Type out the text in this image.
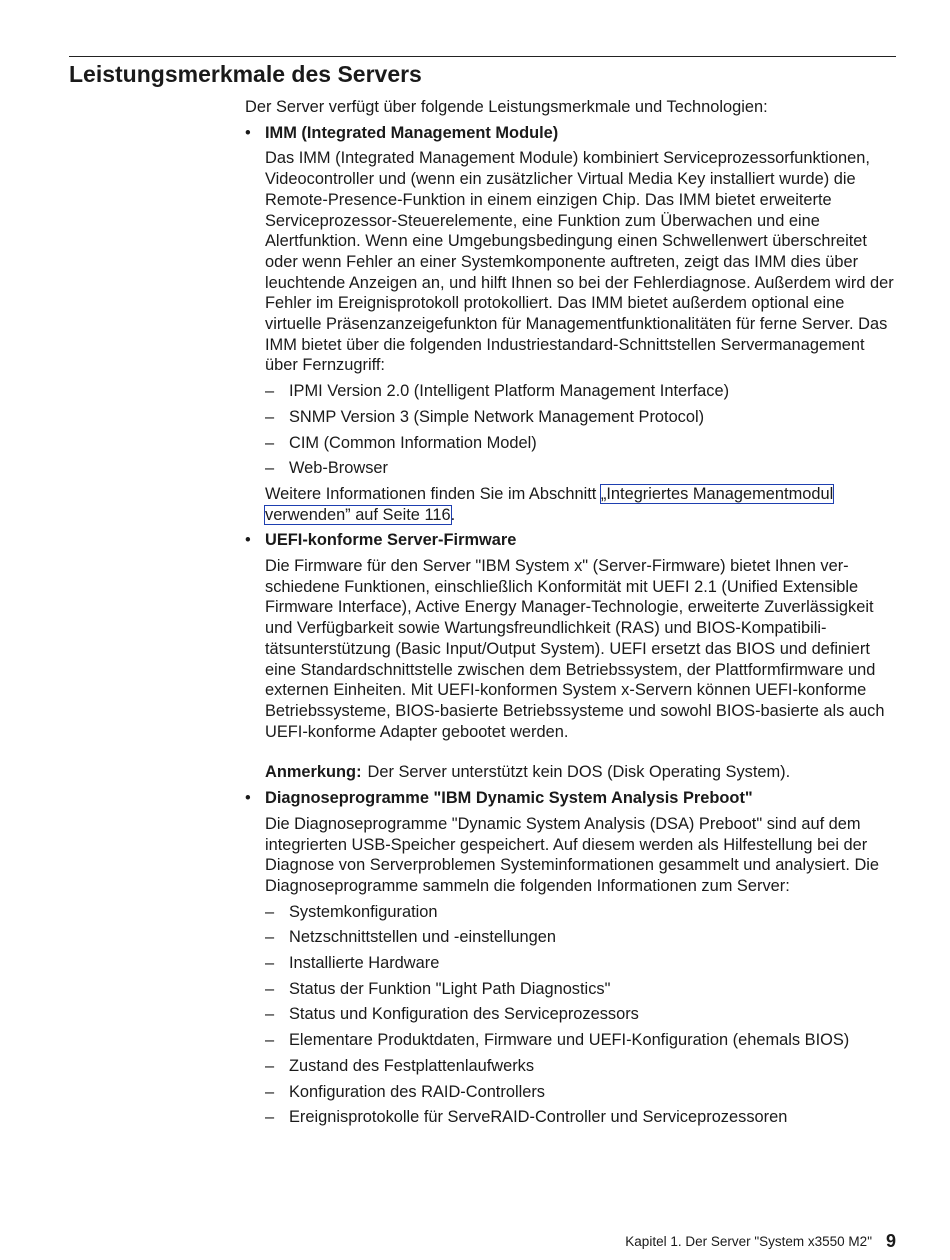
Leistungsmerkmale des Servers

Der Server verfügt über folgende Leistungsmerkmale und Technologien:

• IMM (Integrated Management Module)

Das IMM (Integrated Management Module) kombiniert Serviceprozessorfunktionen, Videocontroller und (wenn ein zusätzlicher Virtual Media Key installiert wurde) die Remote-Presence-Funktion in einem einzigen Chip. Das IMM bietet erweiterte Serviceprozessor-Steuerelemente, eine Funktion zum Überwachen und eine Alertfunktion. Wenn eine Umgebungsbedingung einen Schwellenwert überschreitet oder wenn Fehler an einer Systemkomponente auftreten, zeigt das IMM dies über leuchtende Anzeigen an, und hilft Ihnen so bei der Fehlerdiagnose. Außerdem wird der Fehler im Ereignisprotokoll protokolliert. Das IMM bietet außerdem optional eine virtuelle Präsenzanzeigefunkton für Managementfunktionalitäten für ferne Server. Das IMM bietet über die folgenden Industriestandard-Schnittstellen Servermanagement über Fernzugriff:

– IPMI Version 2.0 (Intelligent Platform Management Interface)
– SNMP Version 3 (Simple Network Management Protocol)
– CIM (Common Information Model)
– Web-Browser

Weitere Informationen finden Sie im Abschnitt „Integriertes Managementmodul verwenden” auf Seite 116.

• UEFI-konforme Server-Firmware

Die Firmware für den Server "IBM System x" (Server-Firmware) bietet Ihnen verschiedene Funktionen, einschließlich Konformität mit UEFI 2.1 (Unified Extensible Firmware Interface), Active Energy Manager-Technologie, erweiterte Zuverlässigkeit und Verfügbarkeit sowie Wartungsfreundlichkeit (RAS) und BIOS-Kompatibilitätsunterstützung (Basic Input/Output System). UEFI ersetzt das BIOS und definiert eine Standardschnittstelle zwischen dem Betriebssystem, der Plattformfirmware und externen Einheiten. Mit UEFI-konformen System x-Servern können UEFI-konforme Betriebssysteme, BIOS-basierte Betriebssysteme und sowohl BIOS-basierte als auch UEFI-konforme Adapter gebootet werden.

Anmerkung: Der Server unterstützt kein DOS (Disk Operating System).

• Diagnoseprogramme "IBM Dynamic System Analysis Preboot"

Die Diagnoseprogramme "Dynamic System Analysis (DSA) Preboot" sind auf dem integrierten USB-Speicher gespeichert. Auf diesem werden als Hilfestellung bei der Diagnose von Serverproblemen Systeminformationen gesammelt und analysiert. Die Diagnoseprogramme sammeln die folgenden Informationen zum Server:

– Systemkonfiguration
– Netzschnittstellen und -einstellungen
– Installierte Hardware
– Status der Funktion "Light Path Diagnostics"
– Status und Konfiguration des Serviceprozessors
– Elementare Produktdaten, Firmware und UEFI-Konfiguration (ehemals BIOS)
– Zustand des Festplattenlaufwerks
– Konfiguration des RAID-Controllers
– Ereignisprotokolle für ServeRAID-Controller und Serviceprozessoren
Kapitel 1. Der Server "System x3550 M2" 9
